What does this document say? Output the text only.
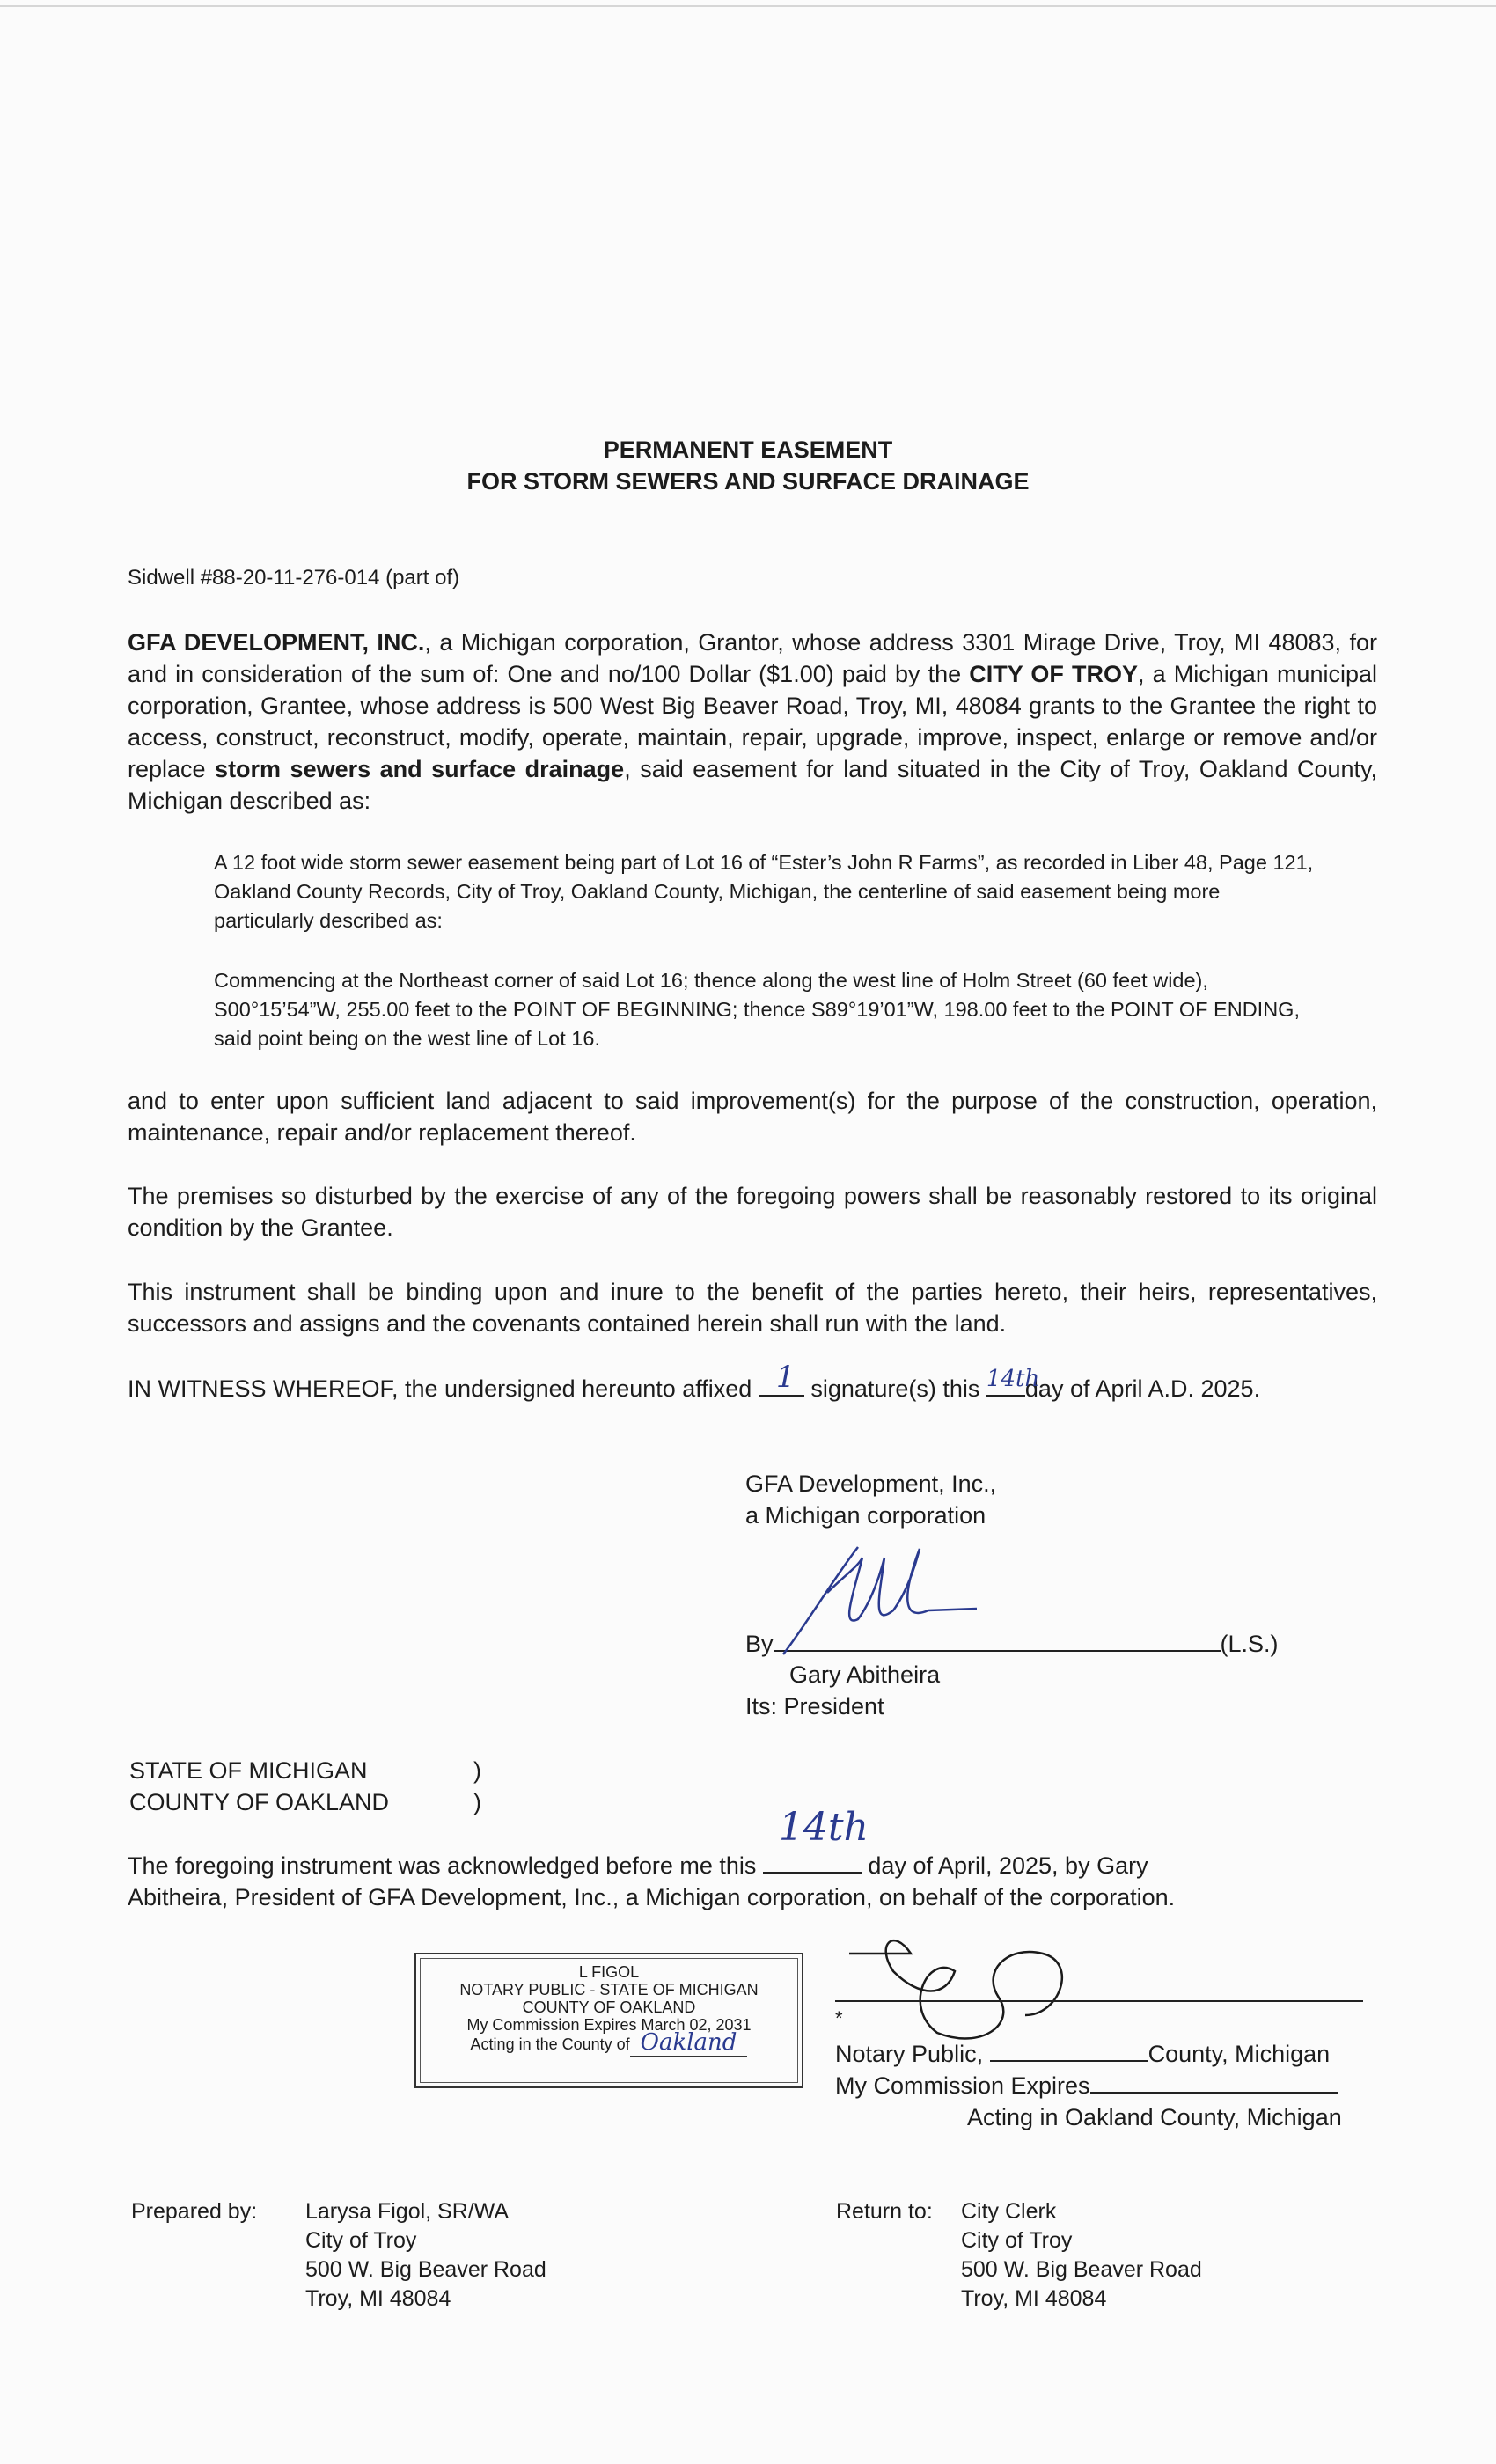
PERMANENT EASEMENT
FOR STORM SEWERS AND SURFACE DRAINAGE
Sidwell #88-20-11-276-014 (part of)
GFA DEVELOPMENT, INC., a Michigan corporation, Grantor, whose address 3301 Mirage Drive, Troy, MI 48083, for and in consideration of the sum of: One and no/100 Dollar ($1.00) paid by the CITY OF TROY, a Michigan municipal corporation, Grantee, whose address is 500 West Big Beaver Road, Troy, MI, 48084 grants to the Grantee the right to access, construct, reconstruct, modify, operate, maintain, repair, upgrade, improve, inspect, enlarge or remove and/or replace storm sewers and surface drainage, said easement for land situated in the City of Troy, Oakland County, Michigan described as:
A 12 foot wide storm sewer easement being part of Lot 16 of “Ester’s John R Farms”, as recorded in Liber 48, Page 121, Oakland County Records, City of Troy, Oakland County, Michigan, the centerline of said easement being more particularly described as:
Commencing at the Northeast corner of said Lot 16; thence along the west line of Holm Street (60 feet wide), S00°15’54”W, 255.00 feet to the POINT OF BEGINNING; thence S89°19’01”W, 198.00 feet to the POINT OF ENDING, said point being on the west line of Lot 16.
and to enter upon sufficient land adjacent to said improvement(s) for the purpose of the construction, operation, maintenance, repair and/or replacement thereof.
The premises so disturbed by the exercise of any of the foregoing powers shall be reasonably restored to its original condition by the Grantee.
This instrument shall be binding upon and inure to the benefit of the parties hereto, their heirs, representatives, successors and assigns and the covenants contained herein shall run with the land.
IN WITNESS WHEREOF, the undersigned hereunto affixed 1 signature(s) this 14th
day of April A.D. 2025.
GFA Development, Inc.,
a Michigan corporation
By	(L.S.)
Gary Abitheira
Its: President
STATE OF MICHIGAN	)
COUNTY OF OAKLAND	)
The foregoing instrument was acknowledged before me this
14th
day of April, 2025, by Gary
Abitheira, President of GFA Development, Inc., a Michigan corporation, on behalf of the corporation.
L FIGOL
NOTARY PUBLIC - STATE OF MICHIGAN
COUNTY OF OAKLAND
My Commission Expires March 02, 2031
Acting in the County of Oakland
*
Notary Public,	County, Michigan
My Commission Expires
Acting in Oakland County, Michigan
Prepared by: Larysa Figol, SR/WA
City of Troy
500 W. Big Beaver Road
Troy, MI 48084
Return to: City Clerk
City of Troy
500 W. Big Beaver Road
Troy, MI 48084
